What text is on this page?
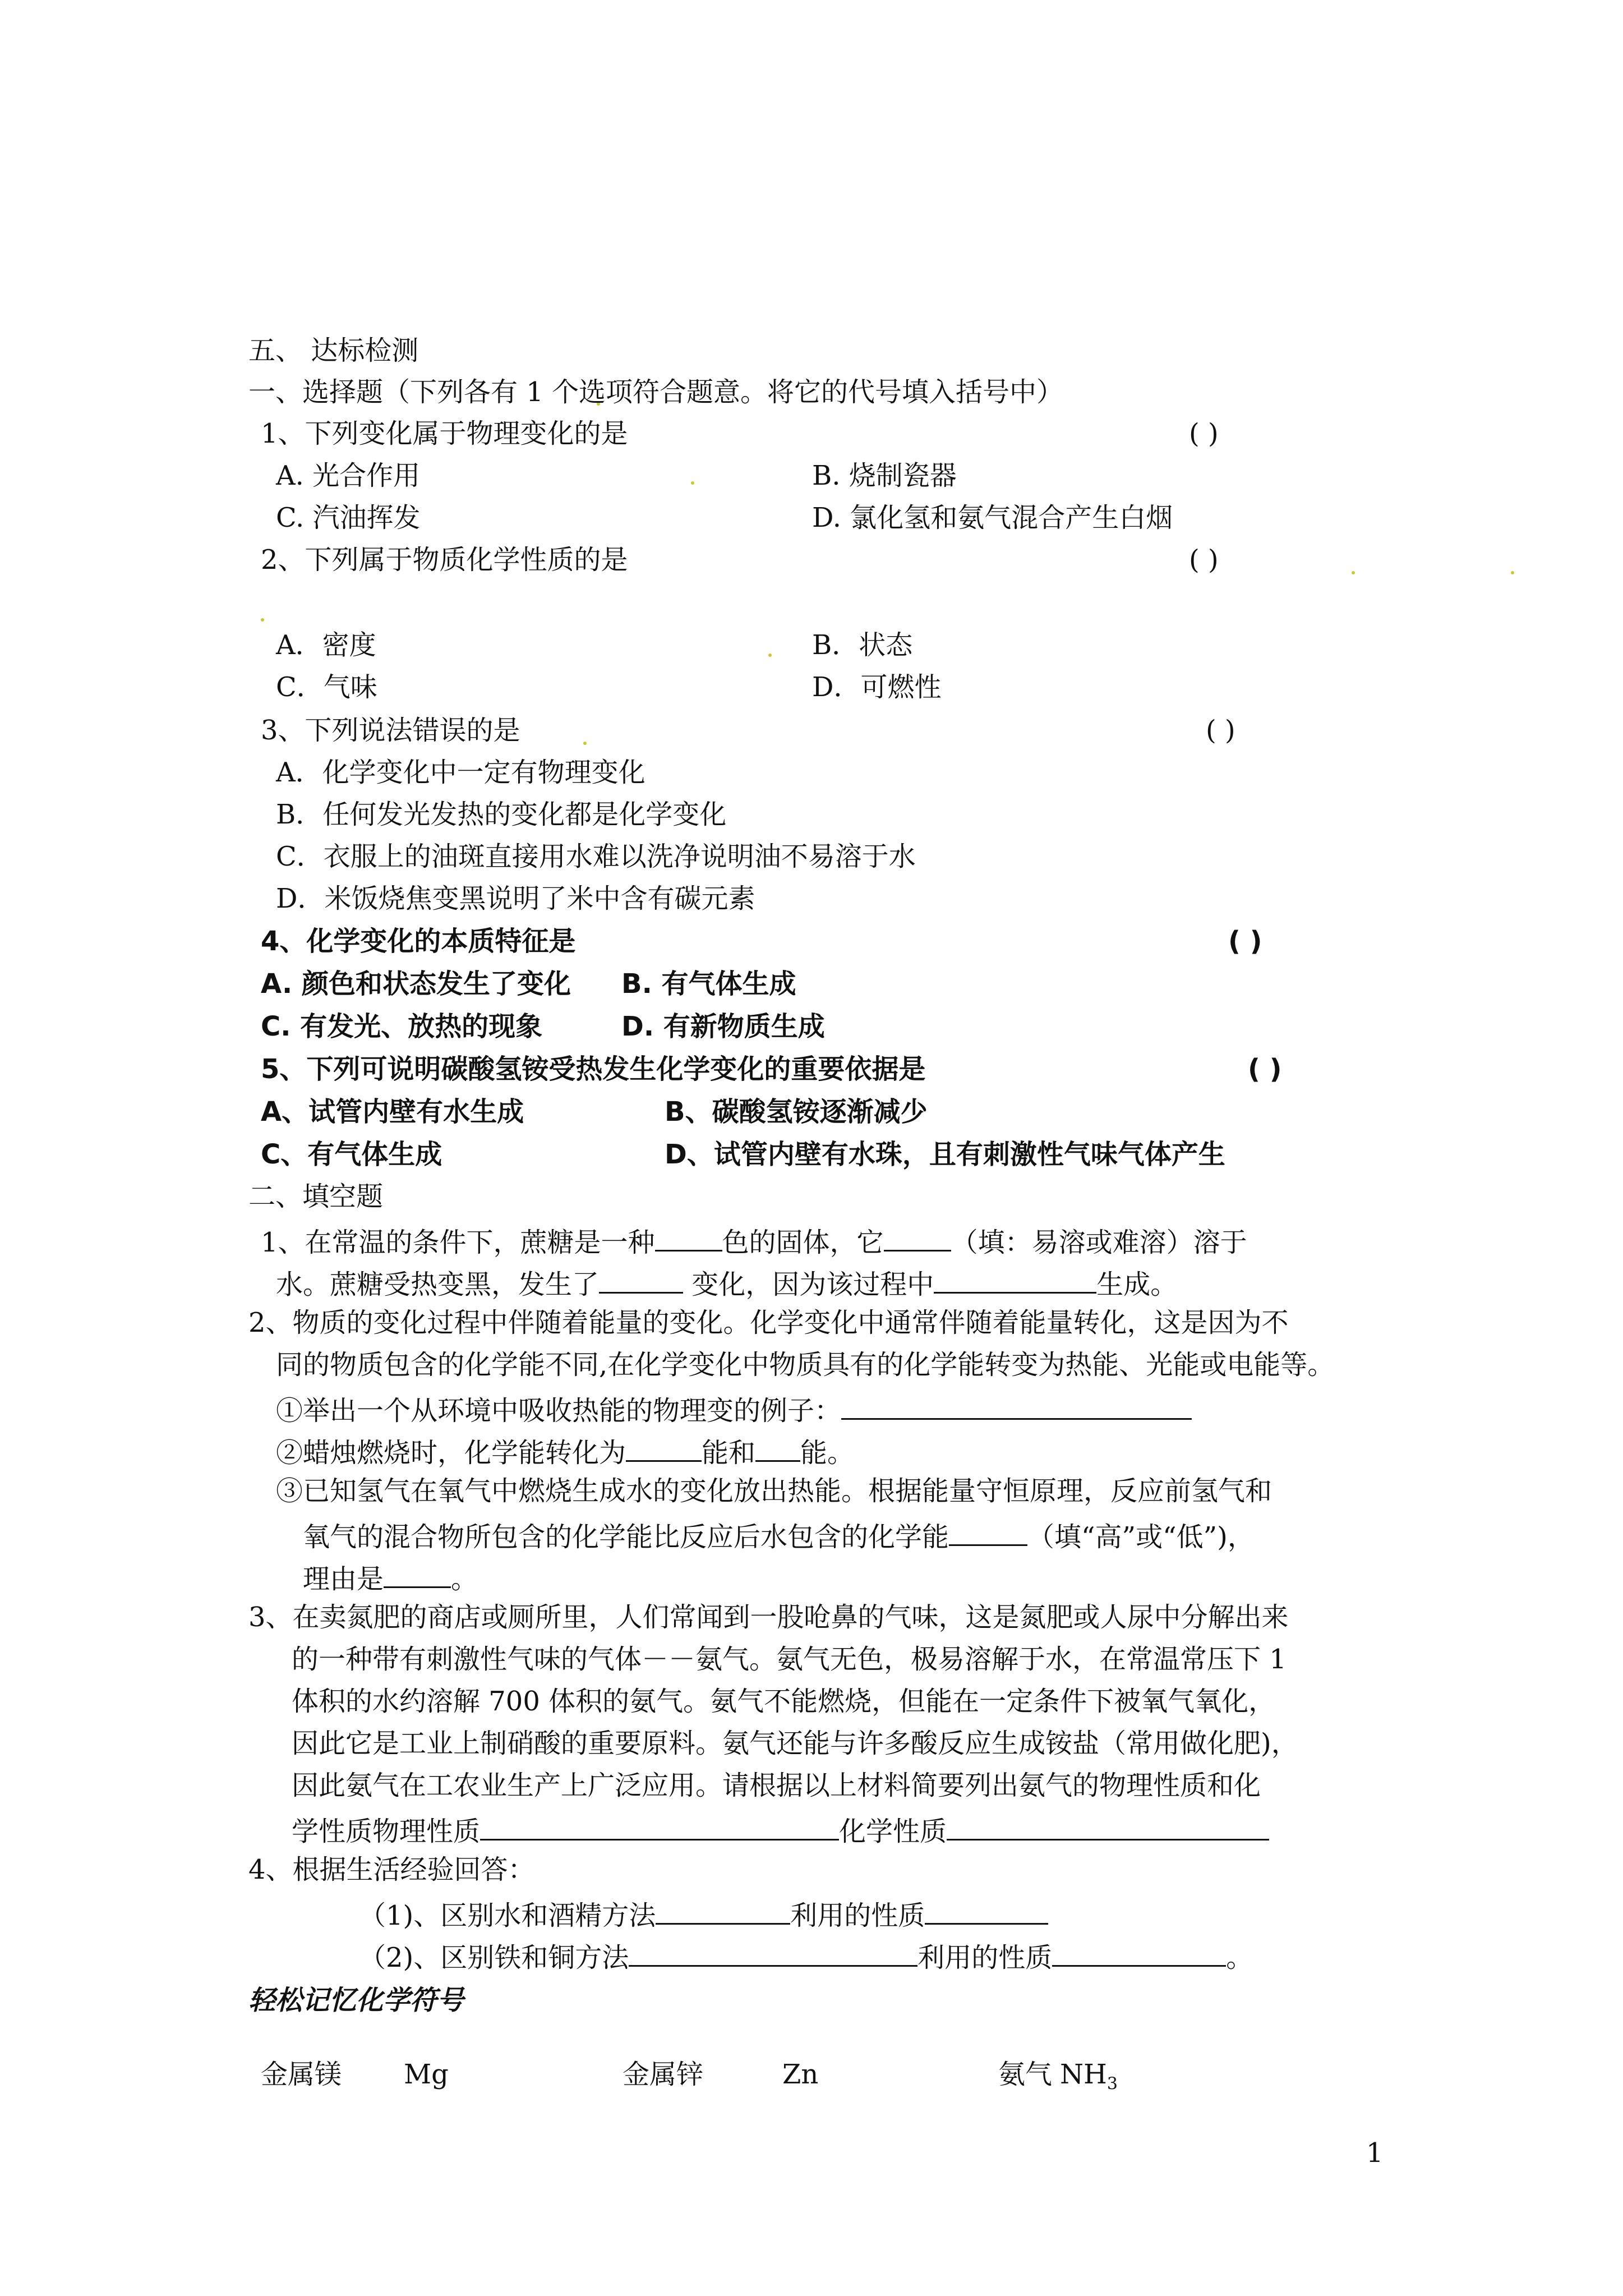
五、 达标检测
一、选择题（下列各有 1 个选项符合题意。将它的代号填入括号中）
1、下列变化属于物理变化的是	( )
A. 光合作用	B. 烧制瓷器
C. 汽油挥发	D. 氯化氢和氨气混合产生白烟
2、下列属于物质化学性质的是	( )
A．密度	B．状态
C．气味	D．可燃性
3、下列说法错误的是	( )
A．化学变化中一定有物理变化
B．任何发光发热的变化都是化学变化
C．衣服上的油斑直接用水难以洗净说明油不易溶于水
D．米饭烧焦变黑说明了米中含有碳元素
4、化学变化的本质特征是	( )
A. 颜色和状态发生了变化 B. 有气体生成
C. 有发光、放热的现象	D. 有新物质生成
5、下列可说明碳酸氢铵受热发生化学变化的重要依据是	( )
A、试管内壁有水生成	B、碳酸氢铵逐渐减少
C、有气体生成	D、试管内壁有水珠，且有刺激性气味气体产生
二、填空题
1、在常温的条件下，蔗糖是一种	色的固体，它	（填：易溶或难溶）溶于
水。蔗糖受热变黑，发生了	变化，因为该过程中	生成。
2、物质的变化过程中伴随着能量的变化。化学变化中通常伴随着能量转化，这是因为不
同的物质包含的化学能不同,在化学变化中物质具有的化学能转变为热能、光能或电能等。
①举出一个从环境中吸收热能的物理变的例子：
②蜡烛燃烧时，化学能转化为	能和 能。
③已知氢气在氧气中燃烧生成水的变化放出热能。根据能量守恒原理，反应前氢气和
氧气的混合物所包含的化学能比反应后水包含的化学能	（填“高”或“低”)，
理由是	。
3、在卖氮肥的商店或厕所里，人们常闻到一股呛鼻的气味，这是氮肥或人尿中分解出来
的一种带有刺激性气味的气体－－氨气。氨气无色，极易溶解于水，在常温常压下 1
体积的水约溶解 700 体积的氨气。氨气不能燃烧，但能在一定条件下被氧气氧化，
因此它是工业上制硝酸的重要原料。氨气还能与许多酸反应生成铵盐（常用做化肥)，
因此氨气在工农业生产上广泛应用。请根据以上材料简要列出氨气的物理性质和化
学性质物理性质	化学性质
4、根据生活经验回答：
（1)、区别水和酒精方法	利用的性质
（2)、区别铁和铜方法	利用的性质	。
轻松记忆化学符号
金属镁 Mg	金属锌	Zn	氨气 $NH_3$
1
